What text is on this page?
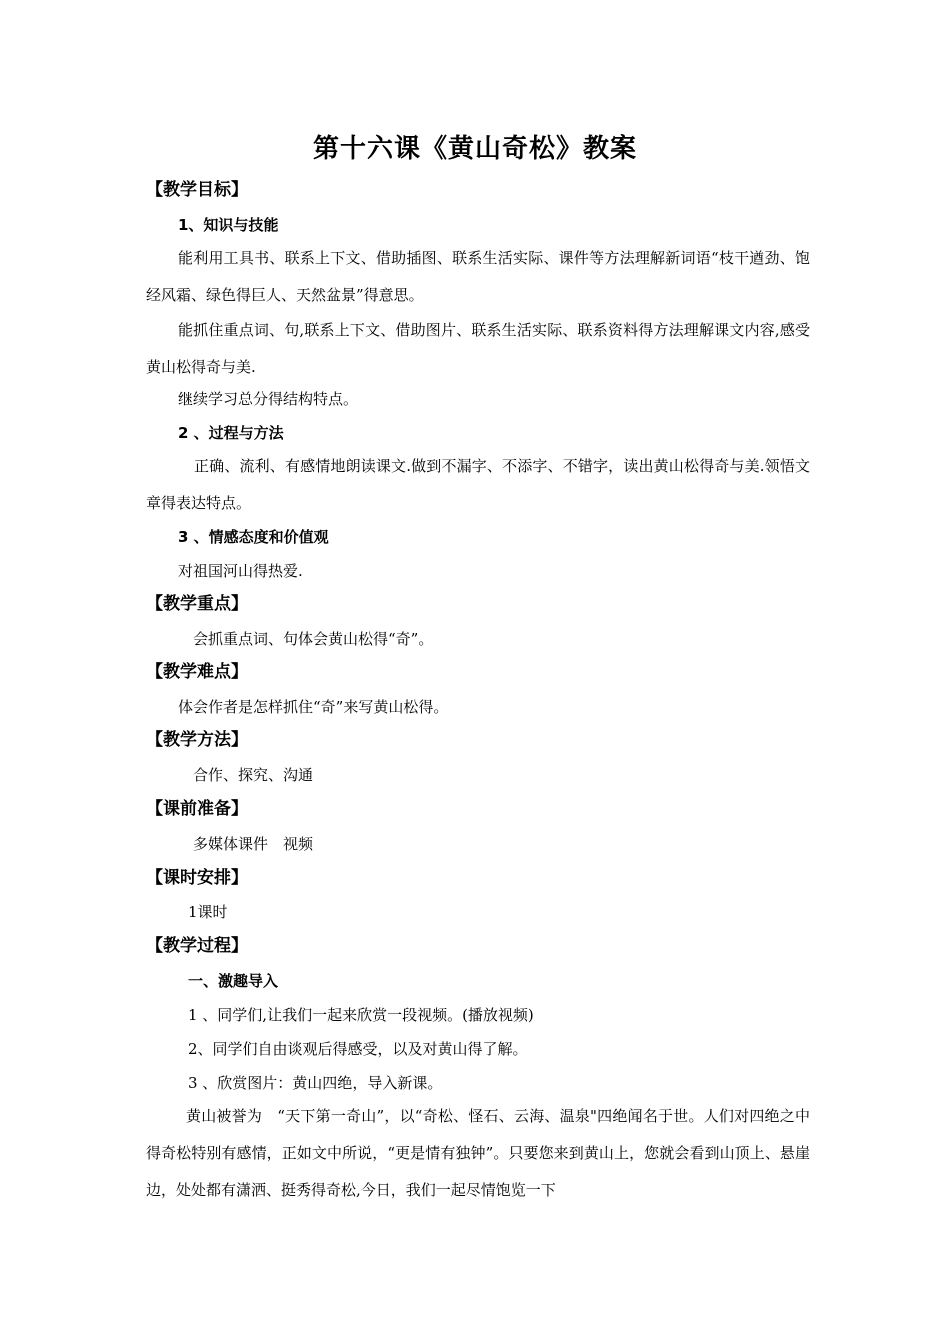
第十六课《黄山奇松》教案
【教学目标】
1、知识与技能
能利用工具书、联系上下文、借助插图、联系生活实际、课件等方法理解新词语“枝干遒劲、饱经风霜、绿色得巨人、天然盆景”得意思。
能抓住重点词、句,联系上下文、借助图片、联系生活实际、联系资料得方法理解课文内容,感受黄山松得奇与美.
继续学习总分得结构特点。
2 、过程与方法
正确、流利、有感情地朗读课文.做到不漏字、不添字、不错字，读出黄山松得奇与美.领悟文章得表达特点。
3 、情感态度和价值观
对祖国河山得热爱.
【教学重点】
会抓重点词、句体会黄山松得“奇”。
【教学难点】
体会作者是怎样抓住“奇”来写黄山松得。
【教学方法】
合作、探究、沟通
【课前准备】
多媒体课件　视频
【课时安排】
1课时
【教学过程】
一、激趣导入
1 、同学们,让我们一起来欣赏一段视频。(播放视频)
2、同学们自由谈观后得感受，以及对黄山得了解。
3 、欣赏图片：黄山四绝，导入新课。
黄山被誉为　“天下第一奇山”，以“奇松、怪石、云海、温泉"四绝闻名于世。人们对四绝之中得奇松特别有感情，正如文中所说，“更是情有独钟”。只要您来到黄山上，您就会看到山顶上、悬崖边，处处都有潇洒、挺秀得奇松,今日，我们一起尽情饱览一下
